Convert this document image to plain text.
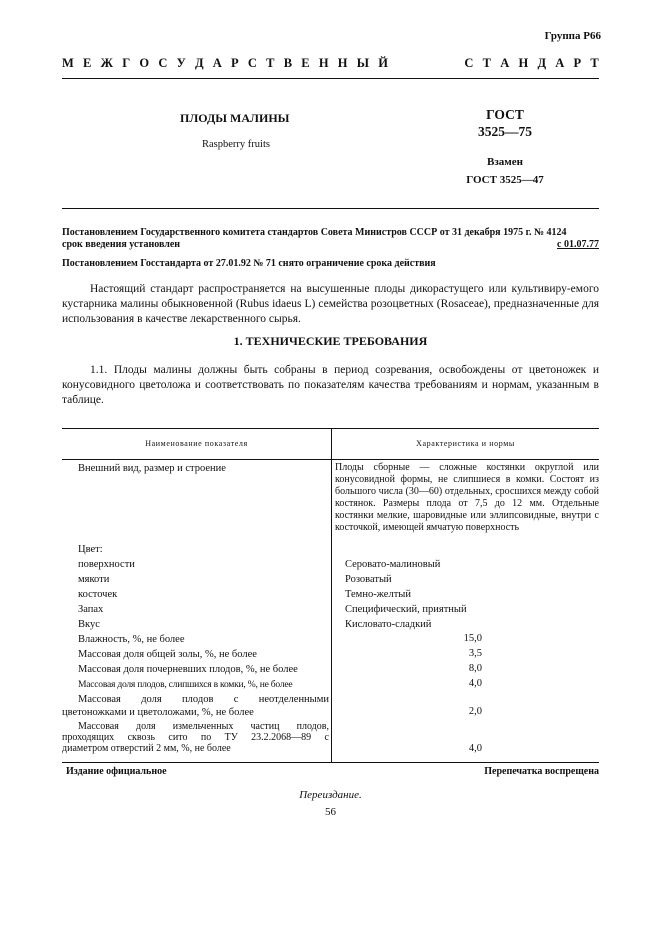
Группа Р66
М Е Ж Г О С У Д А Р С Т В Е Н Н Ы Й	С Т А Н Д А Р Т
ПЛОДЫ МАЛИНЫ
Raspberry fruits
ГОСТ
3525—75
Взамен
ГОСТ 3525—47
Постановлением Государственного комитета стандартов Совета Министров СССР от 31 декабря 1975 г. № 4124
срок введения установлен	с 01.07.77
Постановлением Госстандарта от 27.01.92 № 71 снято ограничение срока действия
Настоящий стандарт распространяется на высушенные плоды дикорастущего или культивиру-емого кустарника малины обыкновенной (Rubus idaeus L) семейства розоцветных (Rosaceae), предназначенные для использования в качестве лекарственного сырья.
1. ТЕХНИЧЕСКИЕ ТРЕБОВАНИЯ
1.1. Плоды малины должны быть собраны в период созревания, освобождены от цветоножек и конусовидного цветоложа и соответствовать по показателям качества требованиям и нормам, указанным в таблице.
Наименование показателя	Характеристика и нормы
Внешний вид, размер и строение	Плоды сборные — сложные костянки округлой или конусовидной формы, не слипшиеся в комки. Состоят из большого числа (30—60) отдельных, сросшихся между собой костянок. Размеры плода от 7,5 до 12 мм. Отдельные костянки мелкие, шаровидные или эллипсовидные, внутри с косточкой, имеющей ямчатую поверхность
Цвет:
поверхности	Серовато-малиновый
мякоти	Розоватый
косточек	Темно-желтый
Запах	Специфический, приятный
Вкус	Кисловато-сладкий
Влажность, %, не более	15,0
Массовая доля общей золы, %, не более	3,5
Массовая доля почерневших плодов, %, не более	8,0
Массовая доля плодов, слипшихся в комки, %, не более	4,0
Массовая доля плодов с неотделенными
цветоножками и цветоложами, %, не более	2,0
Массовая доля измельченных частиц плодов,
проходящих сквозь сито по ТУ 23.2.2068—89 с
диаметром отверстий 2 мм, %, не более	4,0
Издание официальное	Перепечатка воспрещена
Переиздание.
56
